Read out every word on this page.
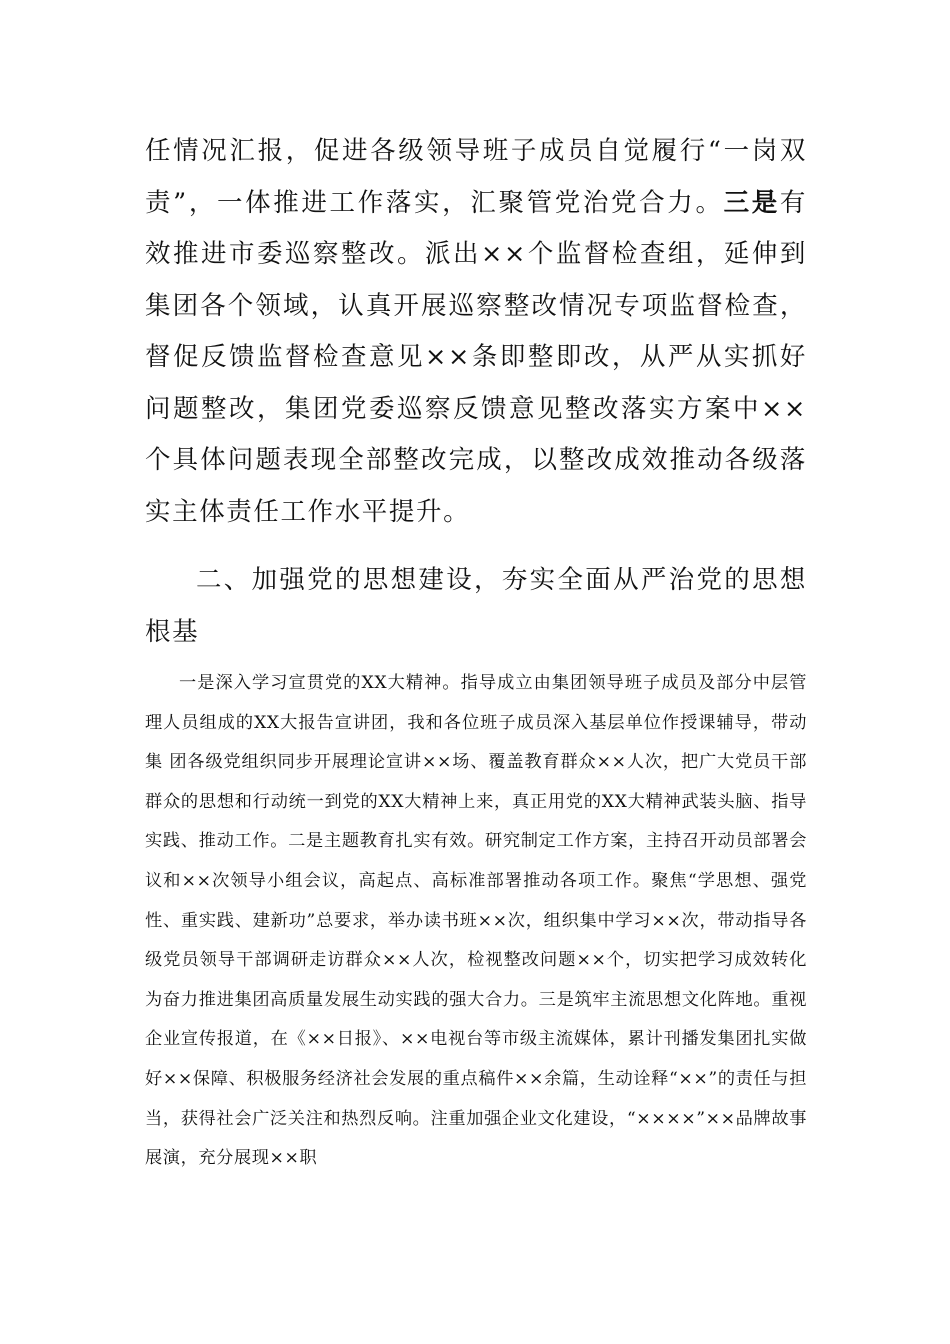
任情况汇报，促进各级领导班子成员自觉履行“一岗双责”，一体推进工作落实，汇聚管党治党合力。三是有效推进市委巡察整改。派出××个监督检查组，延伸到集团各个领域，认真开展巡察整改情况专项监督检查，督促反馈监督检查意见××条即整即改，从严从实抓好问题整改，集团党委巡察反馈意见整改落实方案中××个具体问题表现全部整改完成，以整改成效推动各级落实主体责任工作水平提升。

二、加强党的思想建设，夯实全面从严治党的思想根基

一是深入学习宣贯党的XX大精神。指导成立由集团领导班子成员及部分中层管理人员组成的XX大报告宣讲团，我和各位班子成员深入基层单位作授课辅导，带动集 团各级党组织同步开展理论宣讲××场、覆盖教育群众××人次，把广大党员干部群众的思想和行动统一到党的XX大精神上来，真正用党的XX大精神武装头脑、指导实践、推动工作。二是主题教育扎实有效。研究制定工作方案，主持召开动员部署会议和××次领导小组会议，高起点、高标准部署推动各项工作。聚焦“学思想、强党性、重实践、建新功”总要求，举办读书班××次，组织集中学习××次，带动指导各级党员领导干部调研走访群众××人次，检视整改问题××个，切实把学习成效转化为奋力推进集团高质量发展生动实践的强大合力。三是筑牢主流思想文化阵地。重视企业宣传报道，在《××日报》、××电视台等市级主流媒体，累计刊播发集团扎实做好××保障、积极服务经济社会发展的重点稿件××余篇，生动诠释“××”的责任与担当，获得社会广泛关注和热烈反响。注重加强企业文化建设，“××××”××品牌故事展演，充分展现××职
